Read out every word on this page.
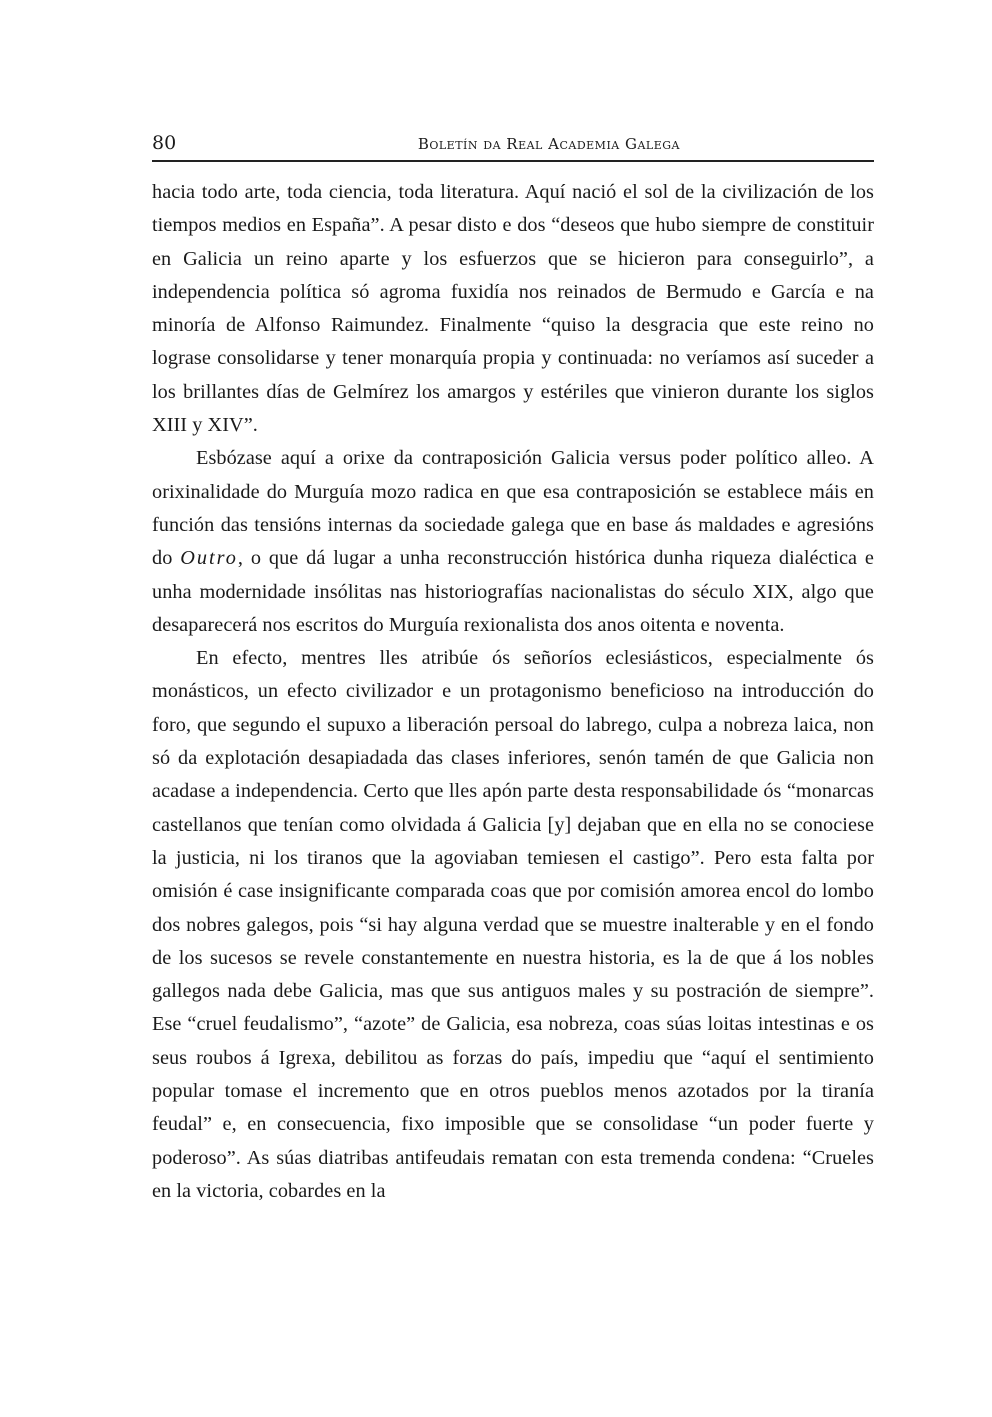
80	Boletín da Real Academia Galega

hacia todo arte, toda ciencia, toda literatura. Aquí nació el sol de la civilización de los tiempos medios en España”. A pesar disto e dos “deseos que hubo siempre de constituir en Galicia un reino aparte y los esfuerzos que se hicieron para conseguirlo”, a independencia política só agroma fuxidía nos reinados de Bermudo e García e na minoría de Alfonso Raimundez. Finalmente “quiso la desgracia que este reino no lograse consolidarse y tener monarquía propia y continuada: no veríamos así suceder a los brillantes días de Gelmírez los amargos y estériles que vinieron durante los siglos XIII y XIV”.

Esbózase aquí a orixe da contraposición Galicia versus poder político alleo. A orixinalidade do Murguía mozo radica en que esa contraposición se establece máis en función das tensións internas da sociedade galega que en base ás maldades e agresións do Outro, o que dá lugar a unha reconstrucción histórica dunha riqueza dialéctica e unha modernidade insólitas nas historiografías nacionalistas do século XIX, algo que desaparecerá nos escritos do Murguía rexionalista dos anos oitenta e noventa.

En efecto, mentres lles atribúe ós señoríos eclesiásticos, especialmente ós monásticos, un efecto civilizador e un protagonismo beneficioso na introducción do foro, que segundo el supuxo a liberación persoal do labrego, culpa a nobreza laica, non só da explotación desapiadada das clases inferiores, senón tamén de que Galicia non acadase a independencia. Certo que lles apón parte desta responsabilidade ós “monarcas castellanos que tenían como olvidada á Galicia [y] dejaban que en ella no se conociese la justicia, ni los tiranos que la agoviaban temiesen el castigo”. Pero esta falta por omisión é case insignificante comparada coas que por comisión amorea encol do lombo dos nobres galegos, pois “si hay alguna verdad que se muestre inalterable y en el fondo de los sucesos se revele constantemente en nuestra historia, es la de que á los nobles gallegos nada debe Galicia, mas que sus antiguos males y su postración de siempre”. Ese “cruel feudalismo”, “azote” de Galicia, esa nobreza, coas súas loitas intestinas e os seus roubos á Igrexa, debilitou as forzas do país, impediu que “aquí el sentimiento popular tomase el incremento que en otros pueblos menos azotados por la tiranía feudal” e, en consecuencia, fixo imposible que se consolidase “un poder fuerte y poderoso”. As súas diatribas antifeudais rematan con esta tremenda condena: “Crueles en la victoria, cobardes en la
